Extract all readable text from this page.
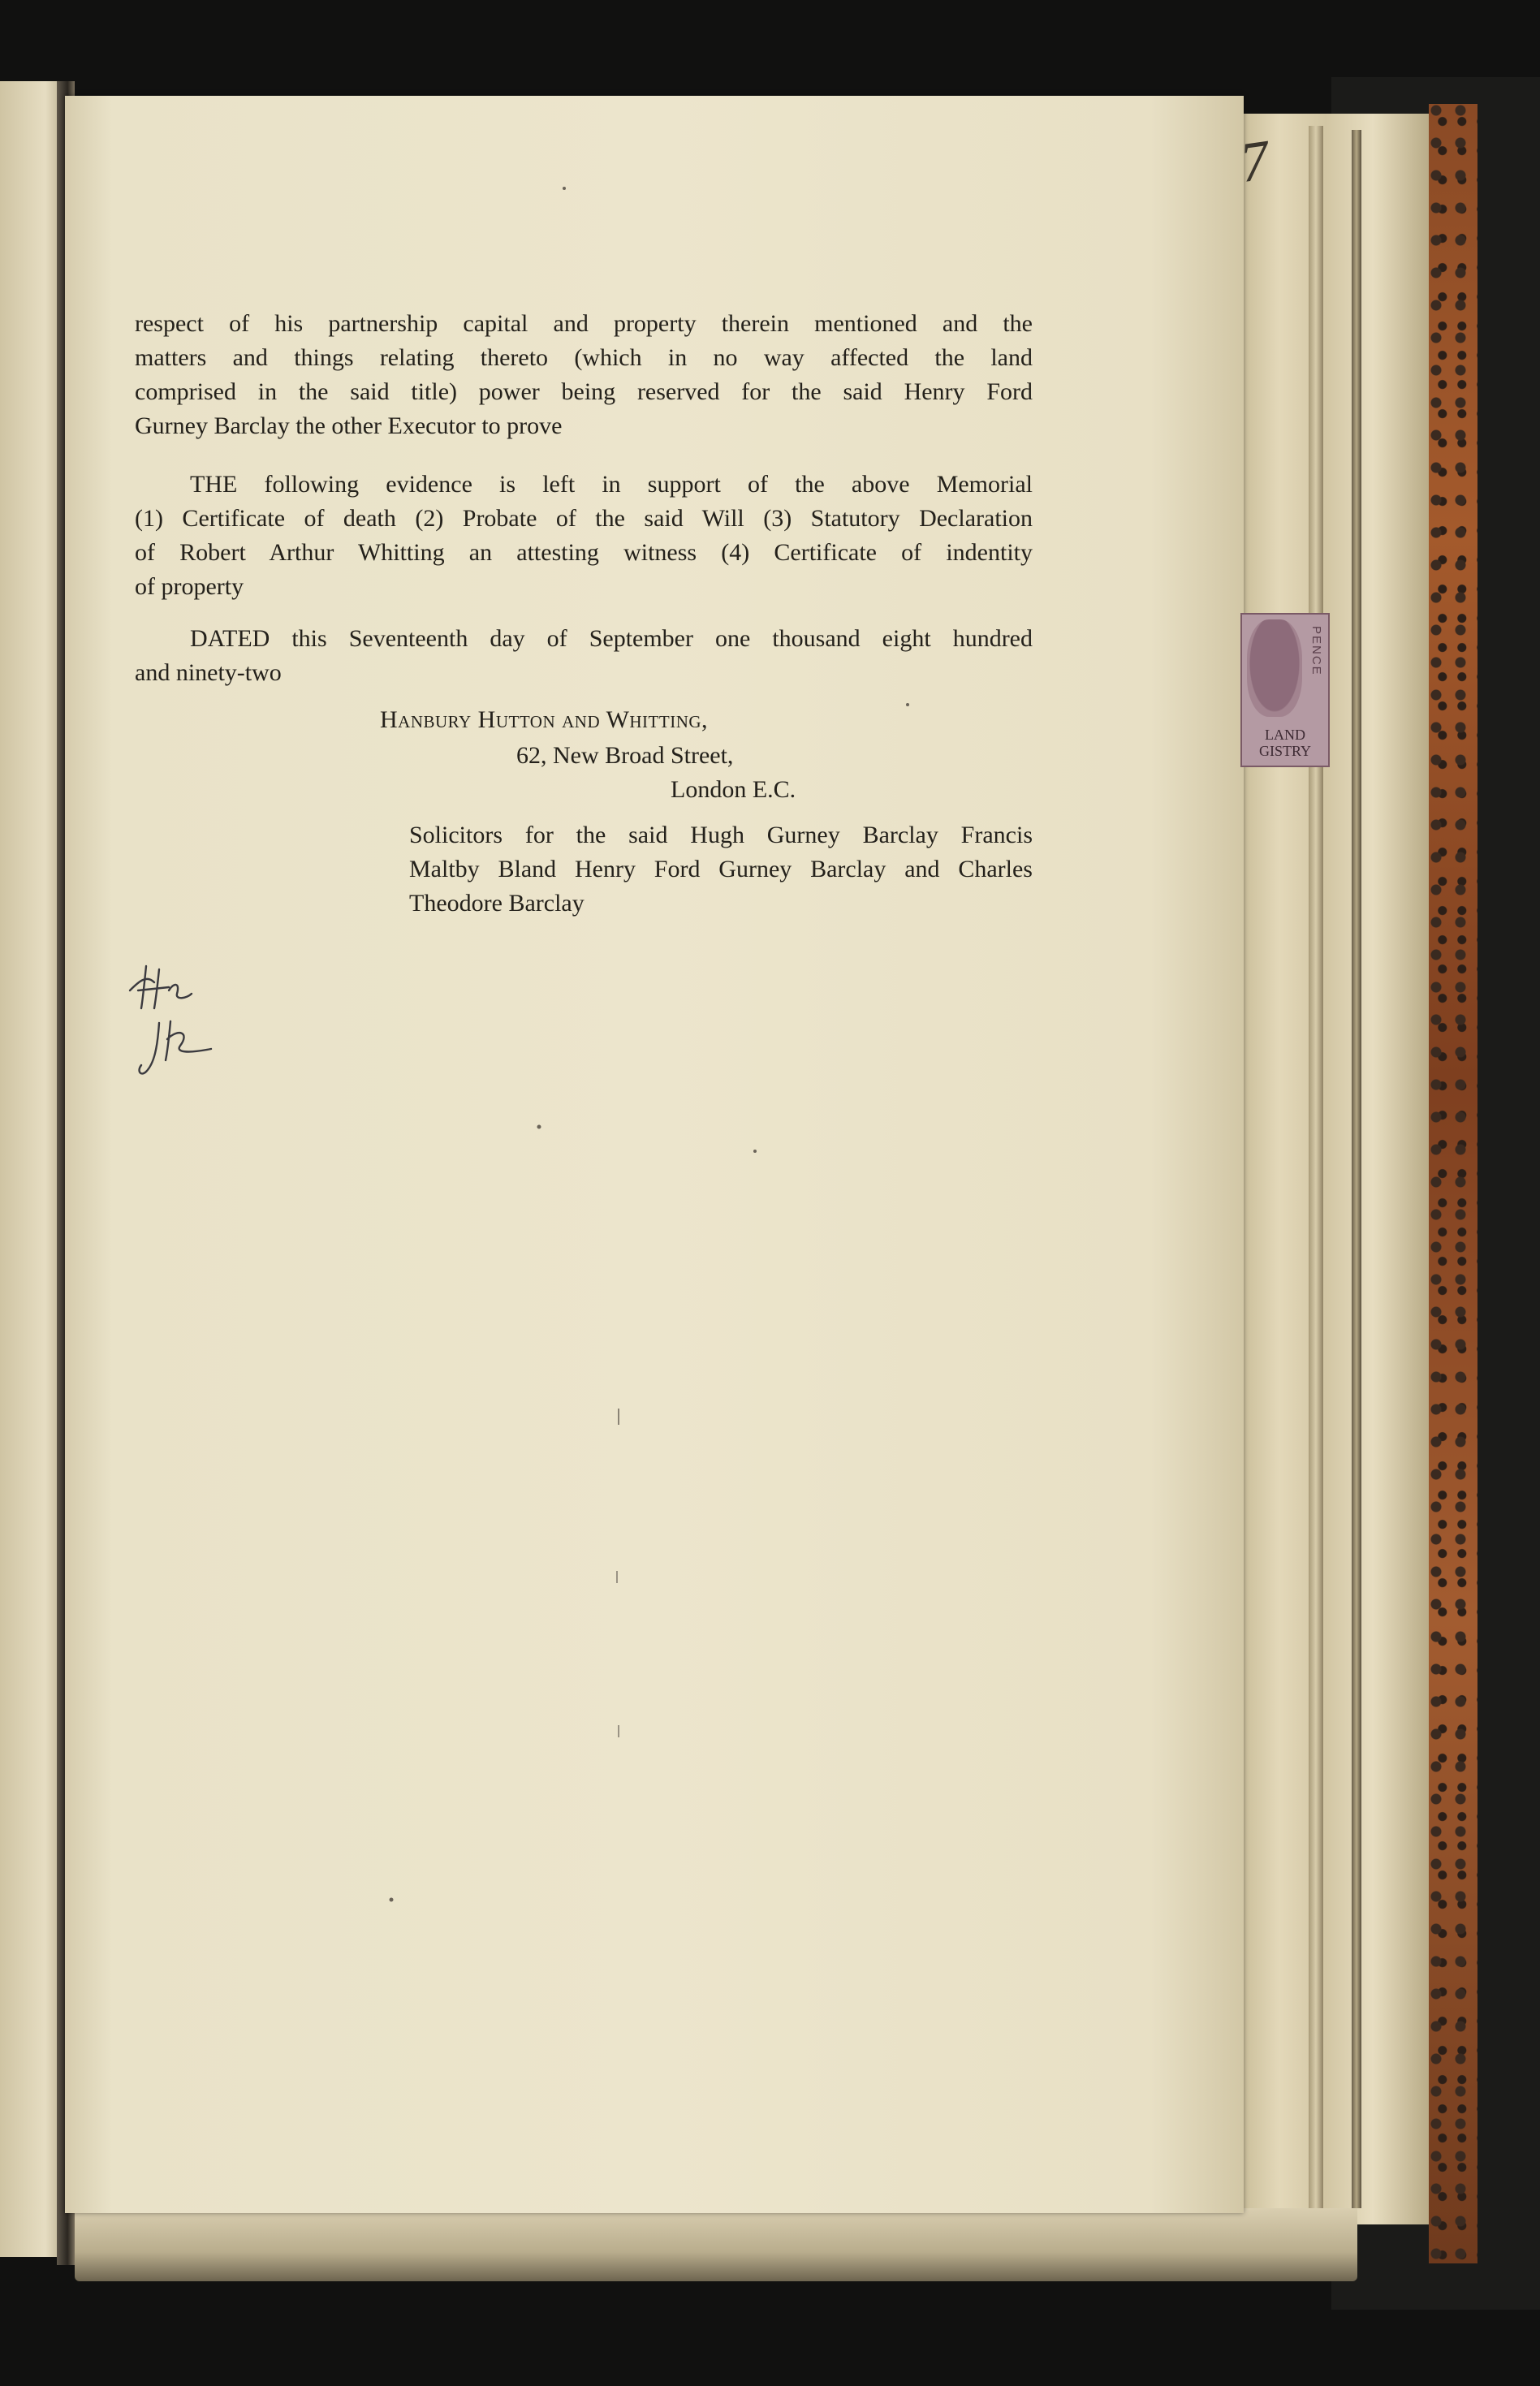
7
PENCE
LAND
GISTRY
respect of his partnership capital and property therein mentioned and the
matters and things relating thereto (which in no way affected the land
comprised in the said title) power being reserved for the said Henry Ford
Gurney Barclay the other Executor to prove
THE following evidence is left in support of the above Memorial
(1) Certificate of death (2) Probate of the said Will (3) Statutory Declaration
of Robert Arthur Whitting an attesting witness (4) Certificate of indentity
of property
DATED this Seventeenth day of September one thousand eight hundred
and ninety-two
Hanbury Hutton and Whitting,
62, New Broad Street,
London E.C.
Solicitors for the said Hugh Gurney Barclay Francis
Maltby Bland Henry Ford Gurney Barclay and Charles
Theodore Barclay
